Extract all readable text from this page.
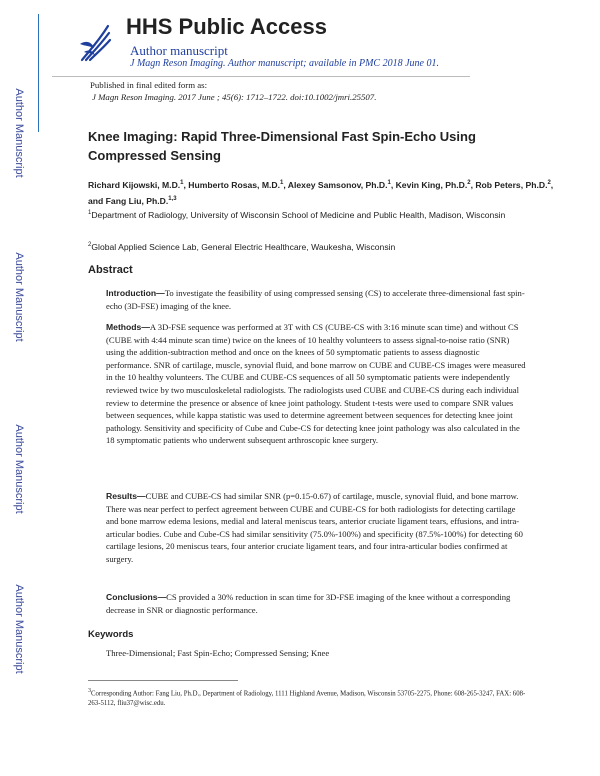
Author Manuscript
Author Manuscript
Author Manuscript
Author Manuscript
HHS Public Access
Author manuscript
J Magn Reson Imaging. Author manuscript; available in PMC 2018 June 01.
Published in final edited form as:
J Magn Reson Imaging. 2017 June ; 45(6): 1712–1722. doi:10.1002/jmri.25507.
Knee Imaging: Rapid Three-Dimensional Fast Spin-Echo Using Compressed Sensing
Richard Kijowski, M.D.$^1$, Humberto Rosas, M.D.$^1$, Alexey Samsonov, Ph.D.$^1$, Kevin King, Ph.D.$^2$, Rob Peters, Ph.D.$^2$, and Fang Liu, Ph.D.$^{1,3}$
$^1$Department of Radiology, University of Wisconsin School of Medicine and Public Health, Madison, Wisconsin
$^2$Global Applied Science Lab, General Electric Healthcare, Waukesha, Wisconsin
Abstract
Introduction—To investigate the feasibility of using compressed sensing (CS) to accelerate three-dimensional fast spin-echo (3D-FSE) imaging of the knee.
Methods—A 3D-FSE sequence was performed at 3T with CS (CUBE-CS with 3:16 minute scan time) and without CS (CUBE with 4:44 minute scan time) twice on the knees of 10 healthy volunteers to assess signal-to-noise ratio (SNR) using the addition-subtraction method and once on the knees of 50 symptomatic patients to assess diagnostic performance. SNR of cartilage, muscle, synovial fluid, and bone marrow on CUBE and CUBE-CS images were measured in the 10 healthy volunteers. The CUBE and CUBE-CS sequences of all 50 symptomatic patients were independently reviewed twice by two musculoskeletal radiologists. The radiologists used CUBE and CUBE-CS during each individual review to determine the presence or absence of knee joint pathology. Student t-tests were used to compare SNR values between sequences, while kappa statistic was used to determine agreement between sequences for detecting knee joint pathology. Sensitivity and specificity of Cube and Cube-CS for detecting knee joint pathology was also calculated in the 18 symptomatic patients who underwent subsequent arthroscopic knee surgery.
Results—CUBE and CUBE-CS had similar SNR (p=0.15-0.67) of cartilage, muscle, synovial fluid, and bone marrow. There was near perfect to perfect agreement between CUBE and CUBE-CS for both radiologists for detecting cartilage and bone marrow edema lesions, medial and lateral meniscus tears, anterior cruciate ligament tears, effusions, and intra-articular bodies. Cube and Cube-CS had similar sensitivity (75.0%-100%) and specificity (87.5%-100%) for detecting 60 cartilage lesions, 20 meniscus tears, four anterior cruciate ligament tears, and four intra-articular bodies confirmed at surgery.
Conclusions—CS provided a 30% reduction in scan time for 3D-FSE imaging of the knee without a corresponding decrease in SNR or diagnostic performance.
Keywords
Three-Dimensional; Fast Spin-Echo; Compressed Sensing; Knee
$^3$Corresponding Author: Fang Liu, Ph.D., Department of Radiology, 1111 Highland Avenue, Madison, Wisconsin 53705-2275, Phone: 608-265-3247, FAX: 608-263-5112, fliu37@wisc.edu.
